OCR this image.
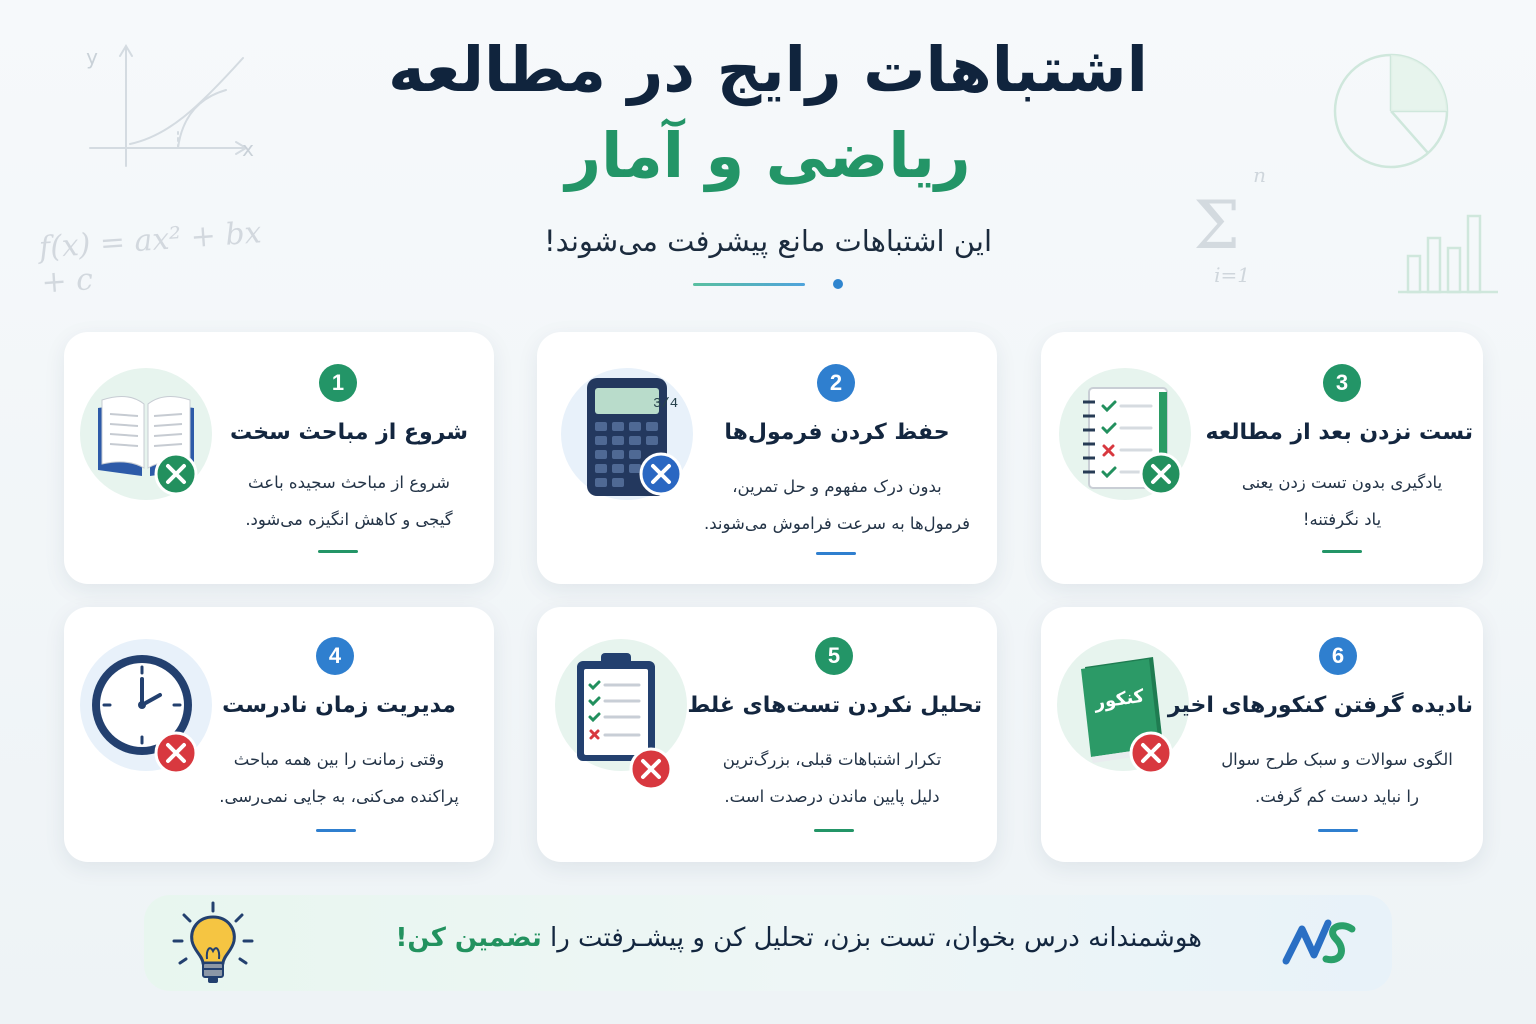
y
x
f(x) = ax² + bx + c
n
Σ
i=1
اشتباهات رایج در مطالعه
ریاضی و آمار
این اشتباهات مانع پیشرفت می‌شوند!
1
شروع از مباحث سخت
شروع از مباحث سجیده باعث
گیجی و کاهش انگیزه می‌شود.
3/4
2
حفظ کردن فرمول‌ها
بدون درک مفهوم و حل تمرین،
فرمول‌ها به سرعت فراموش می‌شوند.
3
تست نزدن بعد از مطالعه
یادگیری بدون تست زدن یعنی
یاد نگرفتنه!
4
مدیریت زمان نادرست
وقتی زمانت را بین همه مباحث
پراکنده می‌کنی، به جایی نمی‌رسی.
5
تحلیل نکردن تست‌های غلط
تکرار اشتباهات قبلی، بزرگ‌ترین
دلیل پایین ماندن درصدت است.
کنکور
6
نادیده گرفتن کنکورهای اخیر
الگوی سوالات و سبک طرح سوال
را نباید دست کم گرفت.
هوشمندانه درس بخوان، تست بزن، تحلیل کن و پیشـرفتت را تضمین کن!
